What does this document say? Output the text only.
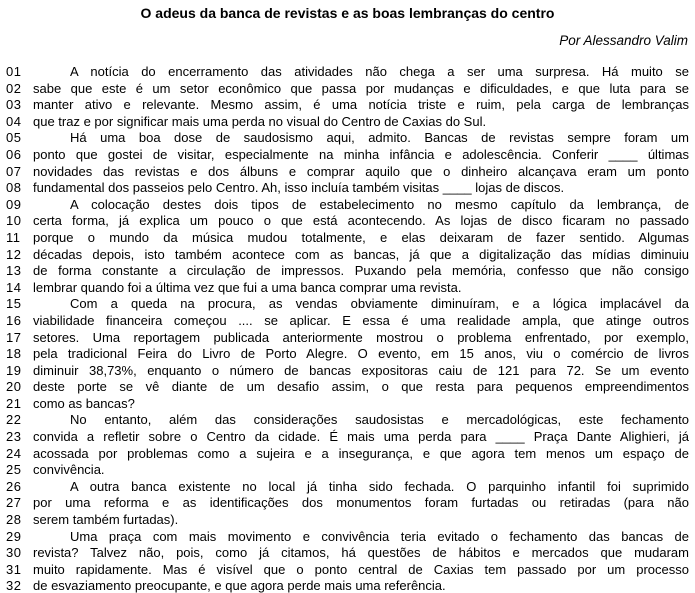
O adeus da banca de revistas e as boas lembranças do centro
Por Alessandro Valim
01	A notícia do encerramento das atividades não chega a ser uma surpresa. Há muito se
02 sabe que este é um setor econômico que passa por mudanças e dificuldades, e que luta para se
03 manter ativo e relevante. Mesmo assim, é uma notícia triste e ruim, pela carga de lembranças
04 que traz e por significar mais uma perda no visual do Centro de Caxias do Sul.
05	Há uma boa dose de saudosismo aqui, admito. Bancas de revistas sempre foram um
06 ponto que gostei de visitar, especialmente na minha infância e adolescência. Conferir ____ últimas
07 novidades das revistas e dos álbuns e comprar aquilo que o dinheiro alcançava eram um ponto
08 fundamental dos passeios pelo Centro. Ah, isso incluía também visitas ____ lojas de discos.
09	A colocação destes dois tipos de estabelecimento no mesmo capítulo da lembrança, de
10 certa forma, já explica um pouco o que está acontecendo. As lojas de disco ficaram no passado
11 porque o mundo da música mudou totalmente, e elas deixaram de fazer sentido. Algumas
12 décadas depois, isto também acontece com as bancas, já que a digitalização das mídias diminuiu
13 de forma constante a circulação de impressos. Puxando pela memória, confesso que não consigo
14 lembrar quando foi a última vez que fui a uma banca comprar uma revista.
15	Com a queda na procura, as vendas obviamente diminuíram, e a lógica implacável da
16 viabilidade financeira começou .... se aplicar. E essa é uma realidade ampla, que atinge outros
17 setores. Uma reportagem publicada anteriormente mostrou o problema enfrentado, por exemplo,
18 pela tradicional Feira do Livro de Porto Alegre. O evento, em 15 anos, viu o comércio de livros
19 diminuir 38,73%, enquanto o número de bancas expositoras caiu de 121 para 72. Se um evento
20 deste porte se vê diante de um desafio assim, o que resta para pequenos empreendimentos
21 como as bancas?
22	No entanto, além das considerações saudosistas e mercadológicas, este fechamento
23 convida a refletir sobre o Centro da cidade. É mais uma perda para ____ Praça Dante Alighieri, já
24 acossada por problemas como a sujeira e a insegurança, e que agora tem menos um espaço de
25 convivência.
26	A outra banca existente no local já tinha sido fechada. O parquinho infantil foi suprimido
27 por uma reforma e as identificações dos monumentos foram furtadas ou retiradas (para não
28 serem também furtadas).
29	Uma praça com mais movimento e convivência teria evitado o fechamento das bancas de
30 revista? Talvez não, pois, como já citamos, há questões de hábitos e mercados que mudaram
31 muito rapidamente. Mas é visível que o ponto central de Caxias tem passado por um processo
32 de esvaziamento preocupante, e que agora perde mais uma referência.
